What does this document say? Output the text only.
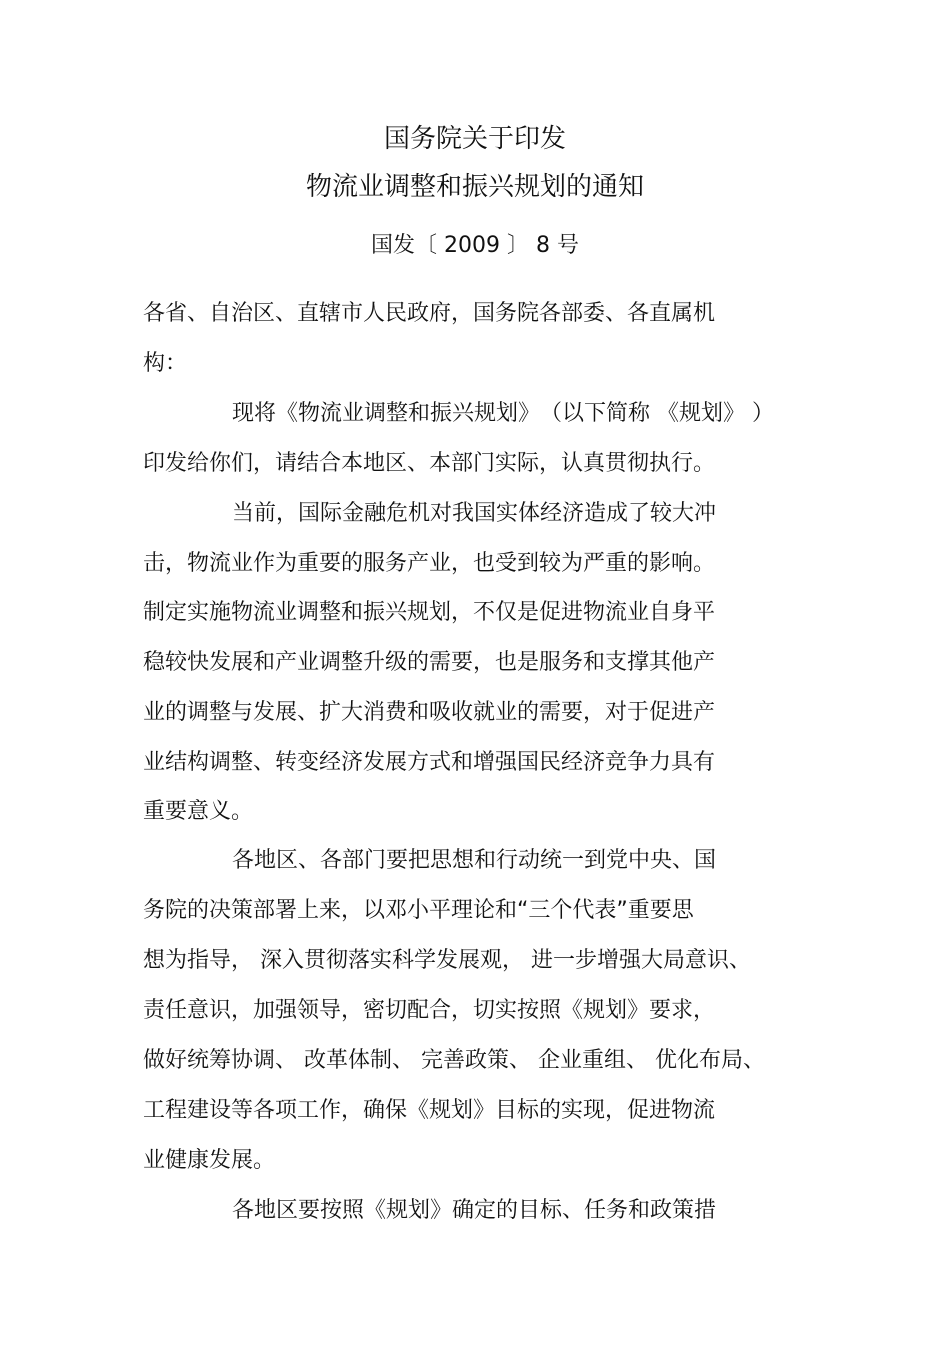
国务院关于印发
物流业调整和振兴规划的通知
国发〔 2009 〕 8 号
各省、自治区、直辖市人民政府，国务院各部委、各直属机
构：
现将《物流业调整和振兴规划》　（以下简称 《规划》 ）
印发给你们，请结合本地区、本部门实际，认真贯彻执行。
当前，国际金融危机对我国实体经济造成了较大冲
击，物流业作为重要的服务产业，也受到较为严重的影响。
制定实施物流业调整和振兴规划，不仅是促进物流业自身平
稳较快发展和产业调整升级的需要，也是服务和支撑其他产
业的调整与发展、扩大消费和吸收就业的需要，对于促进产
业结构调整、转变经济发展方式和增强国民经济竞争力具有
重要意义。
各地区、各部门要把思想和行动统一到党中央、国
务院的决策部署上来，以邓小平理论和“三个代表”重要思
想为指导， 深入贯彻落实科学发展观， 进一步增强大局意识、
责任意识，加强领导，密切配合，切实按照《规划》要求，
做好统筹协调、 改革体制、 完善政策、 企业重组、 优化布局、
工程建设等各项工作，确保《规划》目标的实现，促进物流
业健康发展。
各地区要按照《规划》确定的目标、任务和政策措
